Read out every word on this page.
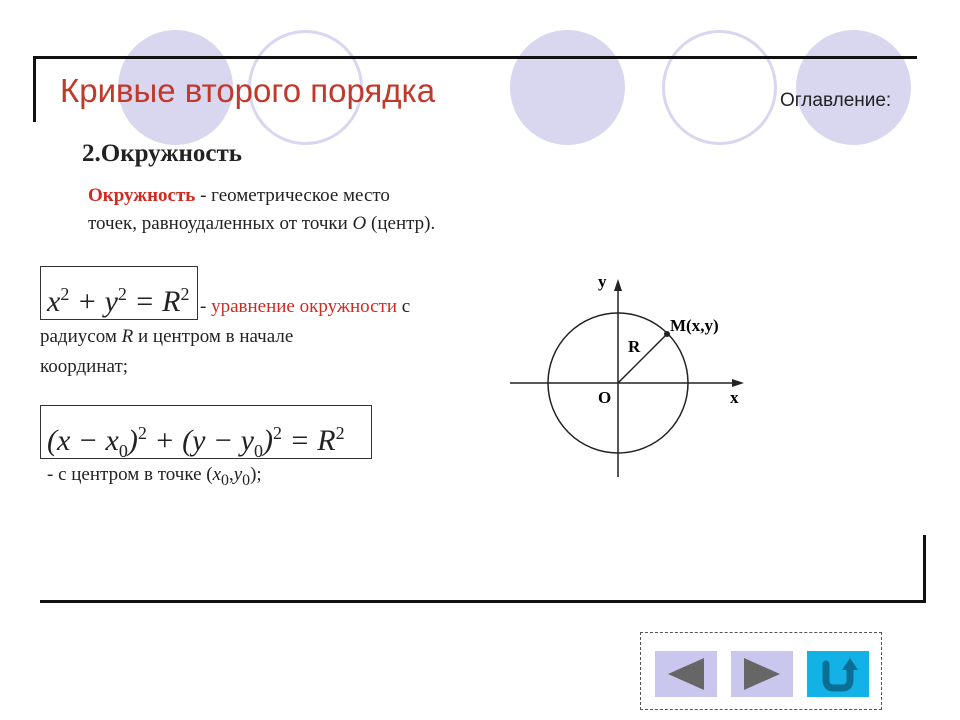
Кривые второго порядка	Оглавление:
2.Окружность
Окружность - геометрическое место
точек, равноудаленных от точки O (центр).
$x^2 + y^2 = R^2$
- уравнение окружности с
радиусом R и центром в начале
координат;
$(x - x_0)^2 + (y - y_0)^2 = R^2$
- с центром в точке $(x_0,y_0)$;
y
x
O
R
M(x,y)
